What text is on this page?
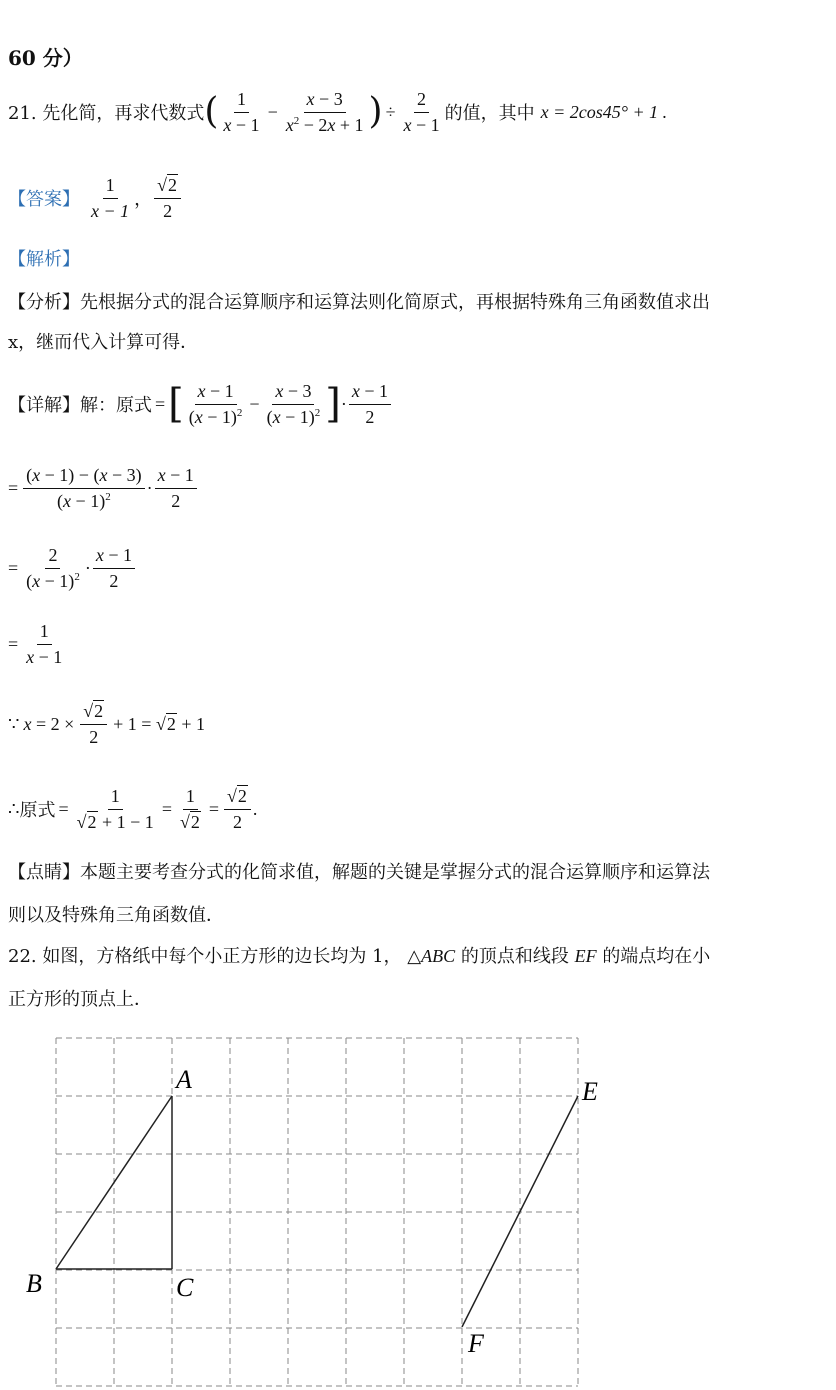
60 分）
21. 先化简，再求代数式 ( $\frac{1}{x - 1} - \frac{x - 3}{x^2 - 2x + 1}$ ) ÷ $\frac{2}{x - 1}$ 的值，其中 x = 2cos45° + 1 .
【答案】 $\frac{1}{x - 1}$ ， $\frac{√2}{2}$
【解析】
【分析】先根据分式的混合运算顺序和运算法则化简原式，再根据特殊角三角函数值求出
x，继而代入计算可得．
【详解】 解：原式 = [ $\frac{x - 1}{(x - 1)^2} - \frac{x - 3}{(x - 1)^2}$ ] · $\frac{x - 1}{2}$
= $\frac{(x - 1) - (x - 3)}{(x - 1)^2} \cdot \frac{x - 1}{2}$
= $\frac{2}{(x - 1)^2} \cdot \frac{x - 1}{2}$
= $\frac{1}{x - 1}$
∵ $x = 2 \times \frac{√2}{2} + 1 = √2 + 1$
∴ 原式 = $\frac{1}{√2 + 1 - 1} = \frac{1}{√2} = \frac{√2}{2}$ .
【点睛】本题主要考查分式的化简求值，解题的关键是掌握分式的混合运算顺序和运算法
则以及特殊角三角函数值．
22. 如图，方格纸中每个小正方形的边长均为 1， △ABC 的顶点和线段 EF 的端点均在小
正方形的顶点上．
A
B	C
E
F
